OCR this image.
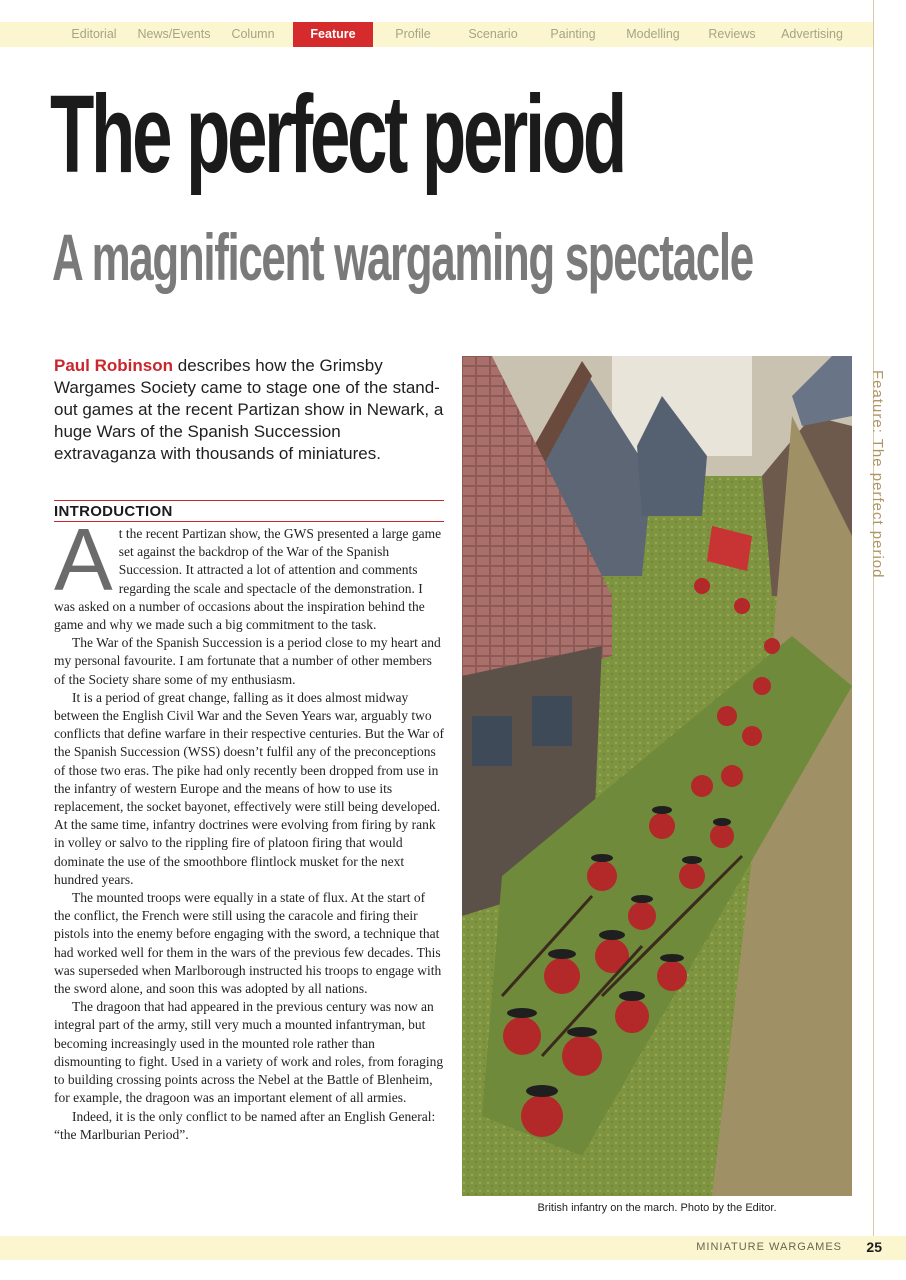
Editorial	News/Events	Column	Feature	Profile	Scenario	Painting	Modelling	Reviews	Advertising
Feature: The perfect period
The perfect period
A magnificent wargaming spectacle
Paul Robinson describes how the Grimsby Wargames Society came to stage one of the stand-out games at the recent Partizan show in Newark, a huge Wars of the Spanish Succession extravaganza with thousands of miniatures.
INTRODUCTION

At the recent Partizan show, the GWS presented a large game set against the backdrop of the War of the Spanish Succession. It attracted a lot of attention and comments regarding the scale and spectacle of the demonstration. I was asked on a number of occasions about the inspiration behind the game and why we made such a big commitment to the task.

The War of the Spanish Succession is a period close to my heart and my personal favourite. I am fortunate that a number of other members of the Society share some of my enthusiasm.

It is a period of great change, falling as it does almost midway between the English Civil War and the Seven Years war, arguably two conflicts that define warfare in their respective centuries. But the War of the Spanish Succession (WSS) doesn’t fulfil any of the preconceptions of those two eras. The pike had only recently been dropped from use in the infantry of western Europe and the means of how to use its replacement, the socket bayonet, effectively were still being developed. At the same time, infantry doctrines were evolving from firing by rank in volley or salvo to the rippling fire of platoon firing that would dominate the use of the smoothbore flintlock musket for the next hundred years.

The mounted troops were equally in a state of flux. At the start of the conflict, the French were still using the caracole and firing their pistols into the enemy before engaging with the sword, a technique that had worked well for them in the wars of the previous few decades. This was superseded when Marlborough instructed his troops to engage with the sword alone, and soon this was adopted by all nations.

The dragoon that had appeared in the previous century was now an integral part of the army, still very much a mounted infantryman, but becoming increasingly used in the mounted role rather than dismounting to fight. Used in a variety of work and roles, from foraging to building crossing points across the Nebel at the Battle of Blenheim, for example, the dragoon was an important element of all armies.

Indeed, it is the only conflict to be named after an English General: “the Marlburian Period”.

British infantry on the march. Photo by the Editor.
MINIATURE WARGAMES 25
